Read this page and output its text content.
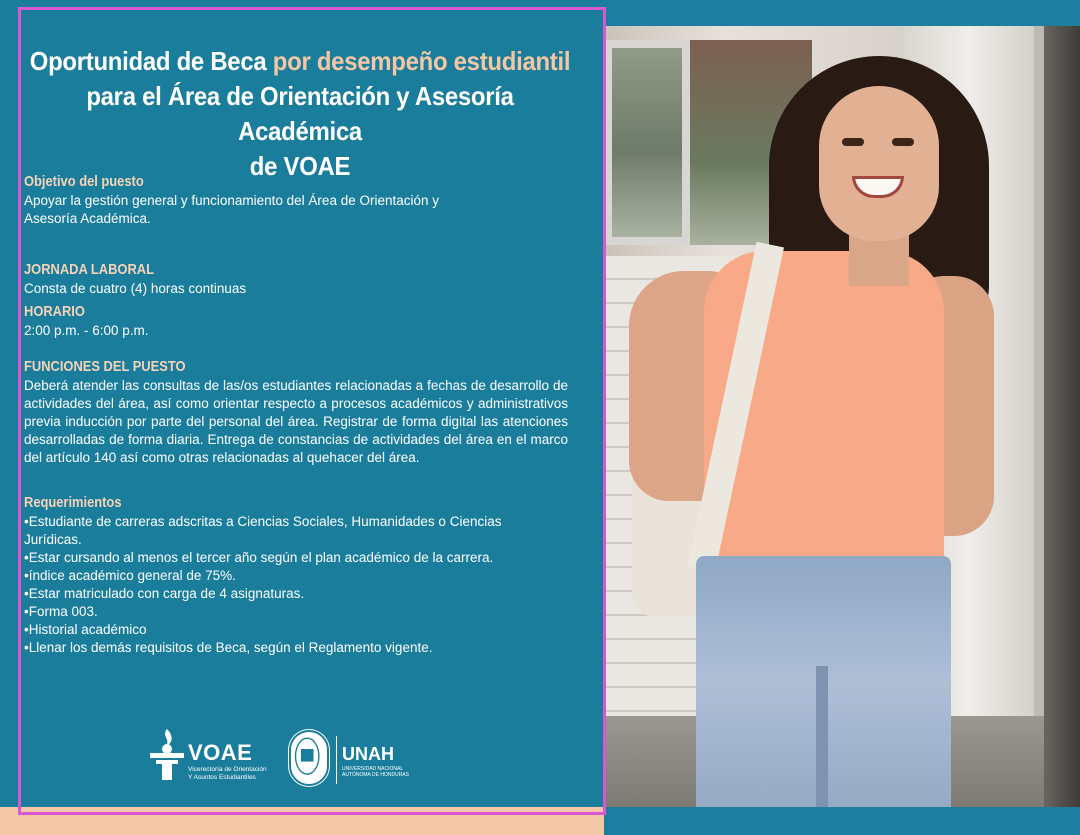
Oportunidad de Beca por desempeño estudiantil
para el Área de Orientación y Asesoría Académica
de VOAE
Objetivo del puesto
Apoyar la gestión general y funcionamiento del Área de Orientación y Asesoría Académica.
JORNADA LABORAL
Consta de cuatro (4) horas continuas
HORARIO
2:00 p.m. - 6:00 p.m.
FUNCIONES DEL PUESTO
Deberá atender las consultas de las/os estudiantes relacionadas a fechas de desarrollo de actividades del área, así como orientar respecto a procesos académicos y administrativos previa inducción por parte del personal del área. Registrar de forma digital las atenciones desarrolladas de forma diaria. Entrega de constancias de actividades del área en el marco del artículo 140 así como otras relacionadas al quehacer del área.
Requerimientos
•Estudiante de carreras adscritas a Ciencias Sociales, Humanidades o Ciencias
Jurídicas.
•Estar cursando al menos el tercer año según el plan académico de la carrera.
•índice académico general de 75%.
•Estar matriculado con carga de 4 asignaturas.
•Forma 003.
•Historial académico
•Llenar los demás requisitos de Beca, según el Reglamento vigente.
VOAE
Vicerectoría de Orientación
Y Asuntos Estudiantiles
UNAH
UNIVERSIDAD NACIONAL
AUTÓNOMA DE HONDURAS
